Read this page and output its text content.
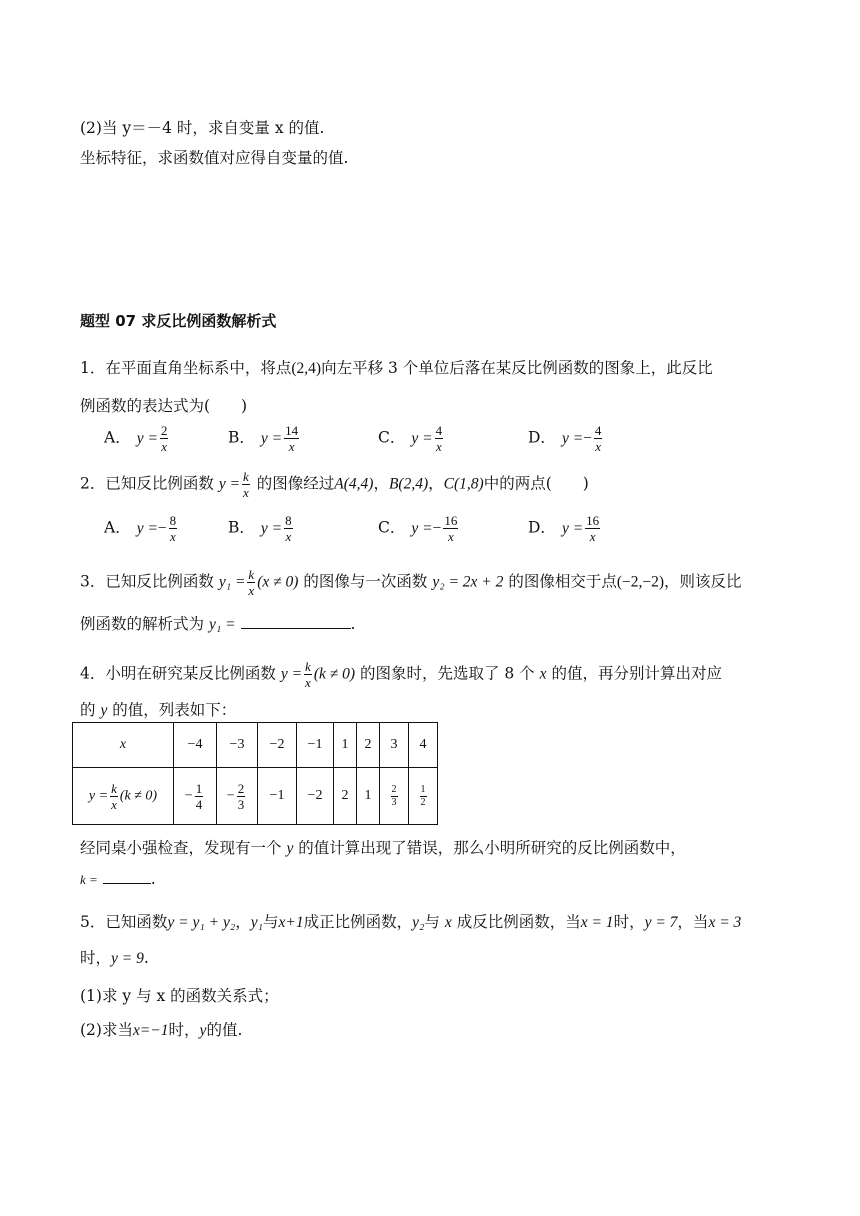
(2)当 y＝－4 时，求自变量 x 的值.
坐标特征，求函数值对应得自变量的值.
题型 07 求反比例函数解析式
1．在平面直角坐标系中，将点(2,4)向左平移 3 个单位后落在某反比例函数的图象上，此反比
例函数的表达式为(　　)
A． $y = \frac{2}{x}$	B． $y = \frac{14}{x}$	C． $y = \frac{4}{x}$	D． $y =- \frac{4}{x}$
2．已知反比例函数 $y = \frac{k}{x}$ 的图像经过A(4,4)，B(2,4)，C(1,8)中的两点(　　)
A． $y =- \frac{8}{x}$	B． $y = \frac{8}{x}$	C． $y =- \frac{16}{x}$	D． $y = \frac{16}{x}$
3．已知反比例函数 $y_1 = \frac{k}{x} (x \ne 0)$ 的图像与一次函数 y₂ = 2x + 2 的图像相交于点(−2,−2)，则该反比
例函数的解析式为 y₁ =	.
4．小明在研究某反比例函数 $y = \frac{k}{x} (k \ne 0)$ 的图象时，先选取了 8 个 x 的值，再分别计算出对应
的 y 的值，列表如下：
x	−4	−3	−2	−1	1	2	3	4
$y = \frac{k}{x} (k \ne 0)$	− $\frac{1}{4}$	− $\frac{2}{3}$	−1	−2	2	1	$\frac{2}{3}$	$\frac{1}{2}$
经同桌小强检查，发现有一个 y 的值计算出现了错误，那么小明所研究的反比例函数中，
k =	.
5．已知函数y = y₁ + y₂，y₁与x+1成正比例函数，y₂与 x 成反比例函数，当x = 1时，y = 7，当x = 3
时，y = 9.
(1)求 y 与 x 的函数关系式；
(2)求当x=−1时，y的值.
